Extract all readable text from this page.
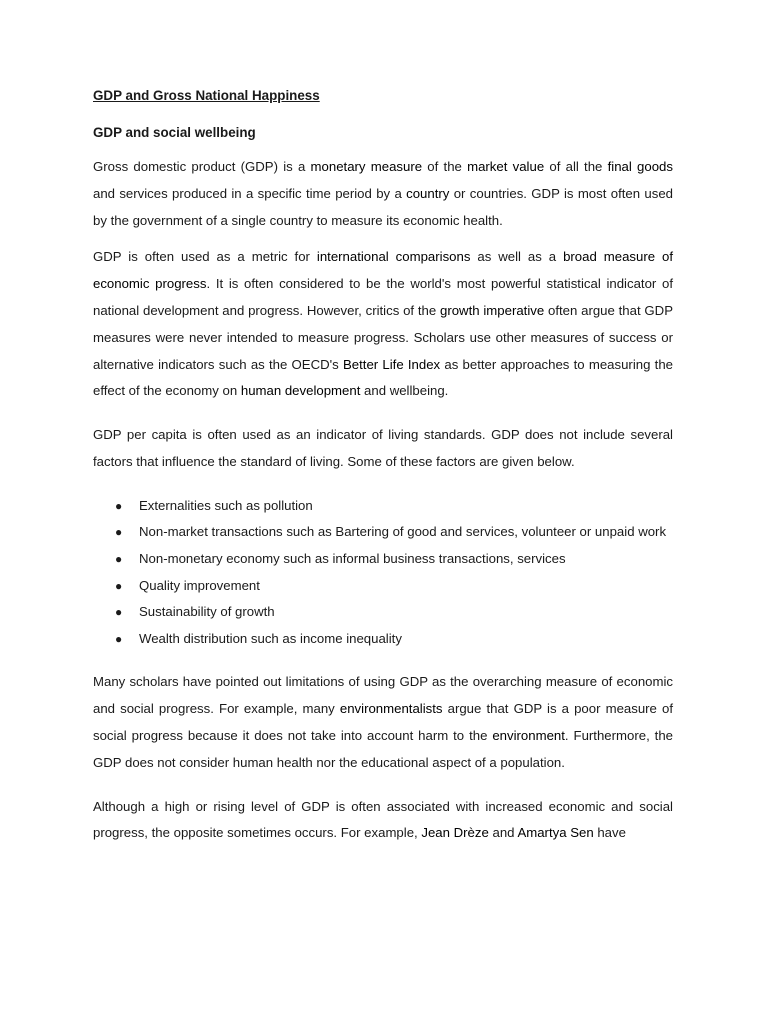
GDP and Gross National Happiness

GDP and social wellbeing

Gross domestic product (GDP) is a monetary measure of the market value of all the final goods and services produced in a specific time period by a country or countries. GDP is most often used by the government of a single country to measure its economic health.

GDP is often used as a metric for international comparisons as well as a broad measure of economic progress. It is often considered to be the world's most powerful statistical indicator of national development and progress. However, critics of the growth imperative often argue that GDP measures were never intended to measure progress. Scholars use other measures of success or alternative indicators such as the OECD's Better Life Index as better approaches to measuring the effect of the economy on human development and wellbeing.

GDP per capita is often used as an indicator of living standards. GDP does not include several factors that influence the standard of living. Some of these factors are given below.

● Externalities such as pollution
● Non-market transactions such as Bartering of good and services, volunteer or unpaid work
● Non-monetary economy such as informal business transactions, services
● Quality improvement
● Sustainability of growth
● Wealth distribution such as income inequality

Many scholars have pointed out limitations of using GDP as the overarching measure of economic and social progress. For example, many environmentalists argue that GDP is a poor measure of social progress because it does not take into account harm to the environment. Furthermore, the GDP does not consider human health nor the educational aspect of a population.

Although a high or rising level of GDP is often associated with increased economic and social progress, the opposite sometimes occurs. For example, Jean Drèze and Amartya Sen have
